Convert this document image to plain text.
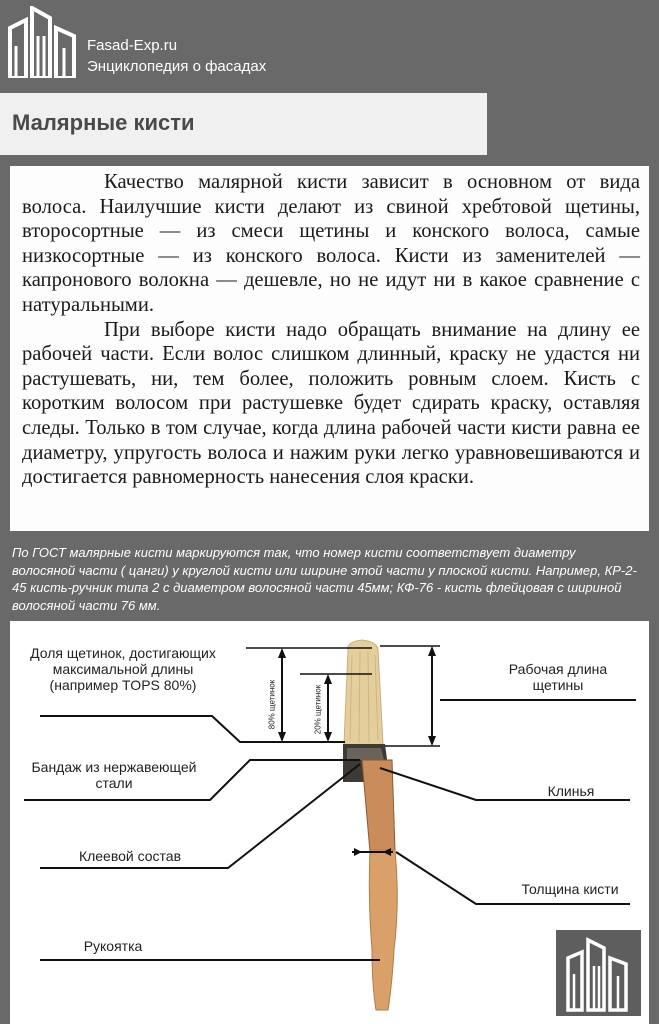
Fasad-Exp.ru
Энциклопедия о фасадах
Малярные кисти

Качество малярной кисти зависит в основном от вида волоса. Наилучшие кисти делают из свиной хребтовой щетины, второсортные — из смеси щетины и конского волоса, самые низкосортные — из конского волоса. Кисти из заменителей — капронового волокна — дешевле, но не идут ни в какое сравнение с натуральными.

При выборе кисти надо обращать внимание на длину ее рабочей части. Если волос слишком длинный, краску не удастся ни растушевать, ни, тем более, положить ровным слоем. Кисть с коротким волосом при растушевке будет сдирать краску, оставляя следы. Только в том случае, когда длина рабочей части кисти равна ее диаметру, упругость волоса и нажим руки легко уравновешиваются и достигается равномерность нанесения слоя краски.

По ГОСТ малярные кисти маркируются так, что номер кисти соответствует диаметру волосяной части ( цанги) у круглой кисти или ширине этой части у плоской кисти. Например, КР-2-45 кисть-ручник типа 2 с диаметром волосяной части 45мм; КФ-76 - кисть флейцовая с шириной волосяной части 76 мм.
Доля щетинок, достигающих максимальной длины (например TOPS 80%)
Рабочая длина щетины
Бандаж из нержавеющей стали	Клинья
Клеевой состав
Толщина кисти
Рукоятка
80% щетинок	20% щетинок
